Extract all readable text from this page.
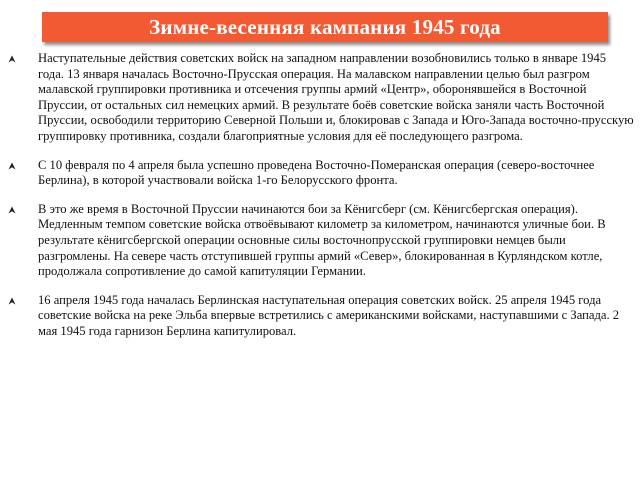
Зимне-весенняя кампания 1945 года
Наступательные действия советских войск на западном направлении возобновились только в январе 1945 года. 13 января началась Восточно-Прусская операция. На малавском направлении целью был разгром малавской группировки противника и отсечения группы армий «Центр», оборонявшейся в Восточной Пруссии, от остальных сил немецких армий. В результате боёв советские войска заняли часть Восточной Пруссии, освободили территорию Северной Польши и, блокировав с Запада и Юго-Запада восточно-прусскую группировку противника, создали благоприятные условия для её последующего разгрома.
С 10 февраля по 4 апреля была успешно проведена Восточно-Померанская операция (северо-восточнее Берлина), в которой участвовали войска 1-го Белорусского фронта.
В это же время в Восточной Пруссии начинаются бои за Кёнигсберг (см. Кёнигсбергская операция). Медленным темпом советские войска отвоёвывают километр за километром, начинаются уличные бои. В результате кёнигсбергской операции основные силы восточнопрусской группировки немцев были разгромлены. На севере часть отступившей группы армий «Север», блокированная в Курляндском котле, продолжала сопротивление до самой капитуляции Германии.
16 апреля 1945 года началась Берлинская наступательная операция советских войск. 25 апреля 1945 года советские войска на реке Эльба впервые встретились с американскими войсками, наступавшими с Запада. 2 мая 1945 года гарнизон Берлина капитулировал.
